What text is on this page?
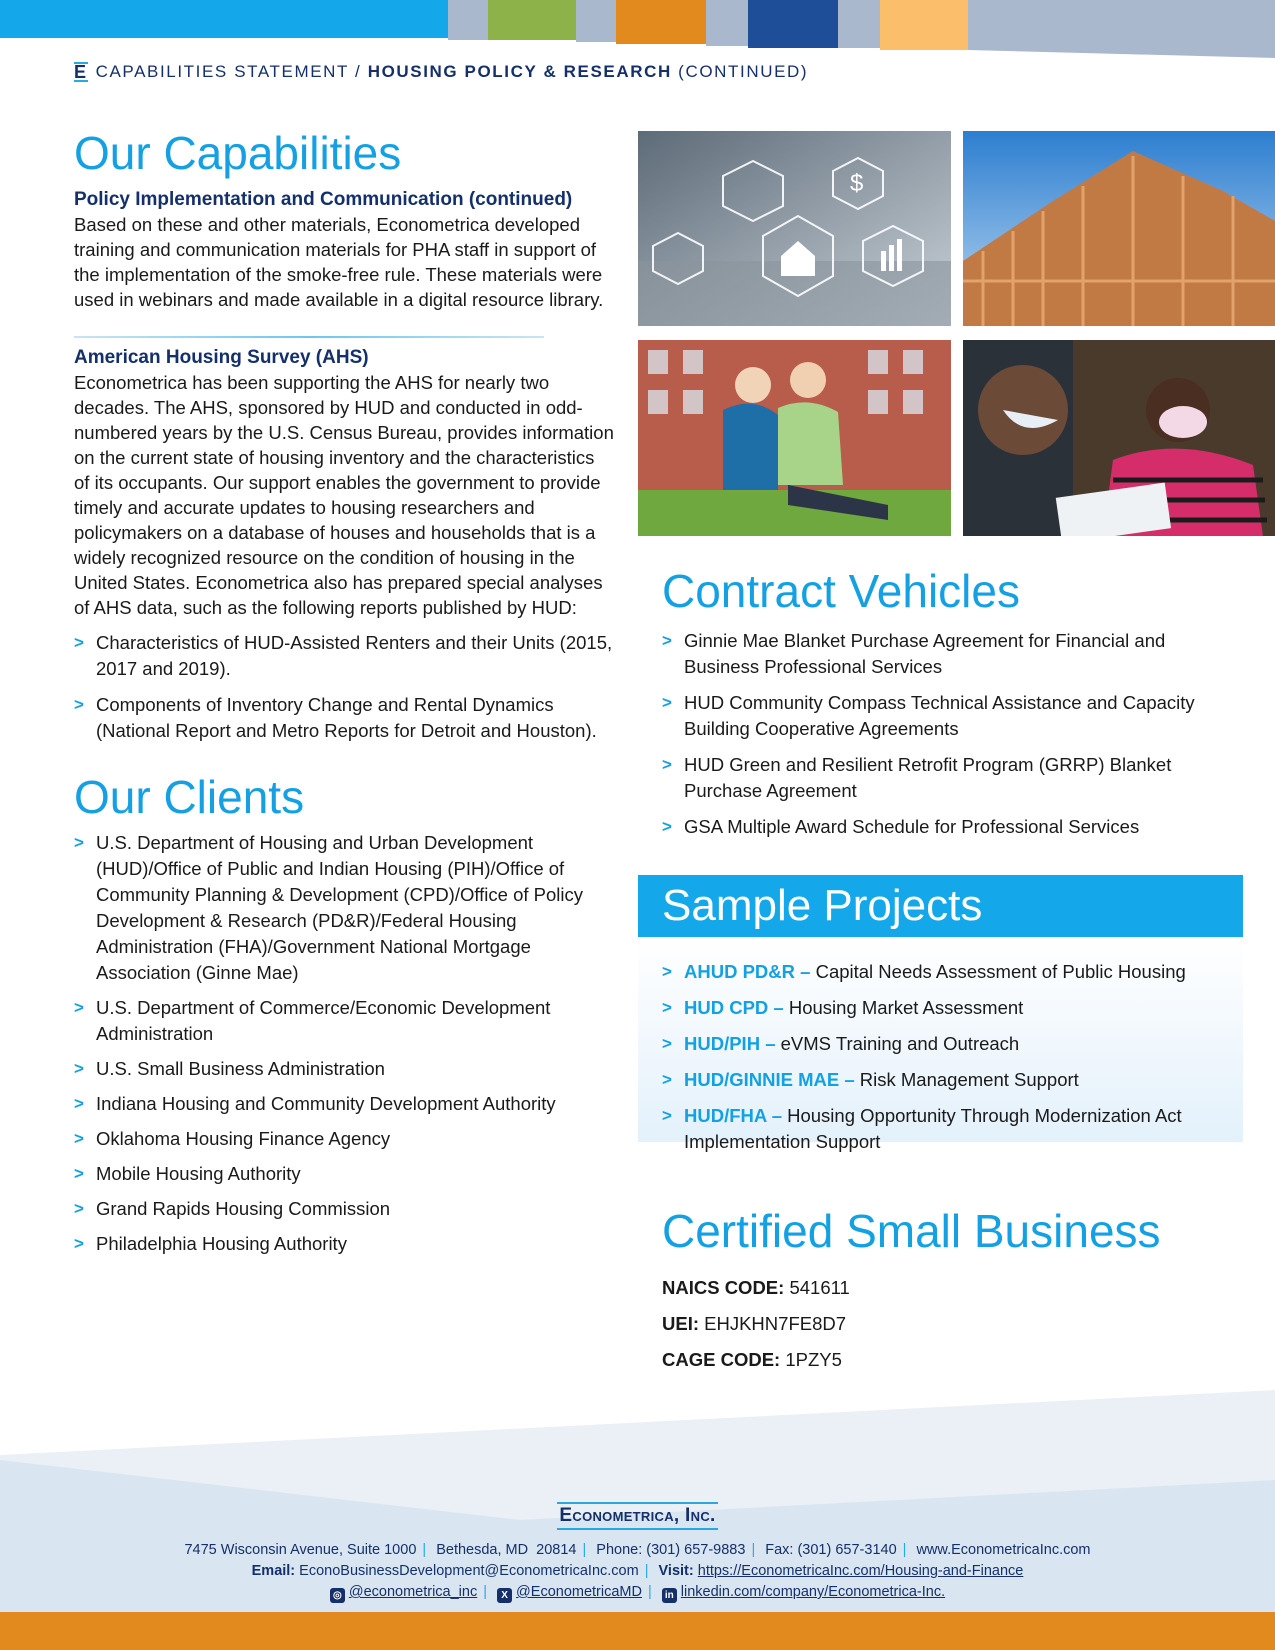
E CAPABILITIES STATEMENT / HOUSING POLICY & RESEARCH (CONTINUED)
Our Capabilities
Policy Implementation and Communication (continued)
Based on these and other materials, Econometrica developed training and communication materials for PHA staff in support of the implementation of the smoke-free rule. These materials were used in webinars and made available in a digital resource library.
American Housing Survey (AHS)
Econometrica has been supporting the AHS for nearly two decades. The AHS, sponsored by HUD and conducted in odd-numbered years by the U.S. Census Bureau, provides information on the current state of housing inventory and the characteristics of its occupants. Our support enables the government to provide timely and accurate updates to housing researchers and policymakers on a database of houses and households that is a widely recognized resource on the condition of housing in the United States. Econometrica also has prepared special analyses of AHS data, such as the following reports published by HUD:
> Characteristics of HUD-Assisted Renters and their Units (2015, 2017 and 2019).
> Components of Inventory Change and Rental Dynamics (National Report and Metro Reports for Detroit and Houston).
Our Clients
> U.S. Department of Housing and Urban Development (HUD)/Office of Public and Indian Housing (PIH)/Office of Community Planning & Development (CPD)/Office of Policy Development & Research (PD&R)/Federal Housing Administration (FHA)/Government National Mortgage Association (Ginne Mae)
> U.S. Department of Commerce/Economic Development Administration
> U.S. Small Business Administration
> Indiana Housing and Community Development Authority
> Oklahoma Housing Finance Agency
> Mobile Housing Authority
> Grand Rapids Housing Commission
> Philadelphia Housing Authority
$
Contract Vehicles
> Ginnie Mae Blanket Purchase Agreement for Financial and Business Professional Services
> HUD Community Compass Technical Assistance and Capacity Building Cooperative Agreements
> HUD Green and Resilient Retrofit Program (GRRP) Blanket Purchase Agreement
> GSA Multiple Award Schedule for Professional Services
Sample Projects
> AHUD PD&R – Capital Needs Assessment of Public Housing
> HUD CPD – Housing Market Assessment
> HUD/PIH – eVMS Training and Outreach
> HUD/GINNIE MAE – Risk Management Support
> HUD/FHA – Housing Opportunity Through Modernization Act Implementation Support
Certified Small Business
NAICS CODE: 541611
UEI: EHJKHN7FE8D7
CAGE CODE: 1PZY5
Econometrica, Inc.
7475 Wisconsin Avenue, Suite 1000 | Bethesda, MD  20814 | Phone: (301) 657-9883 | Fax: (301) 657-3140 | www.EconometricaInc.com
Email: EconoBusinessDevelopment@EconometricaInc.com | Visit: https://EconometricaInc.com/Housing-and-Finance
◎ @econometrica_inc | X @EconometricaMD | in linkedin.com/company/Econometrica-Inc.
